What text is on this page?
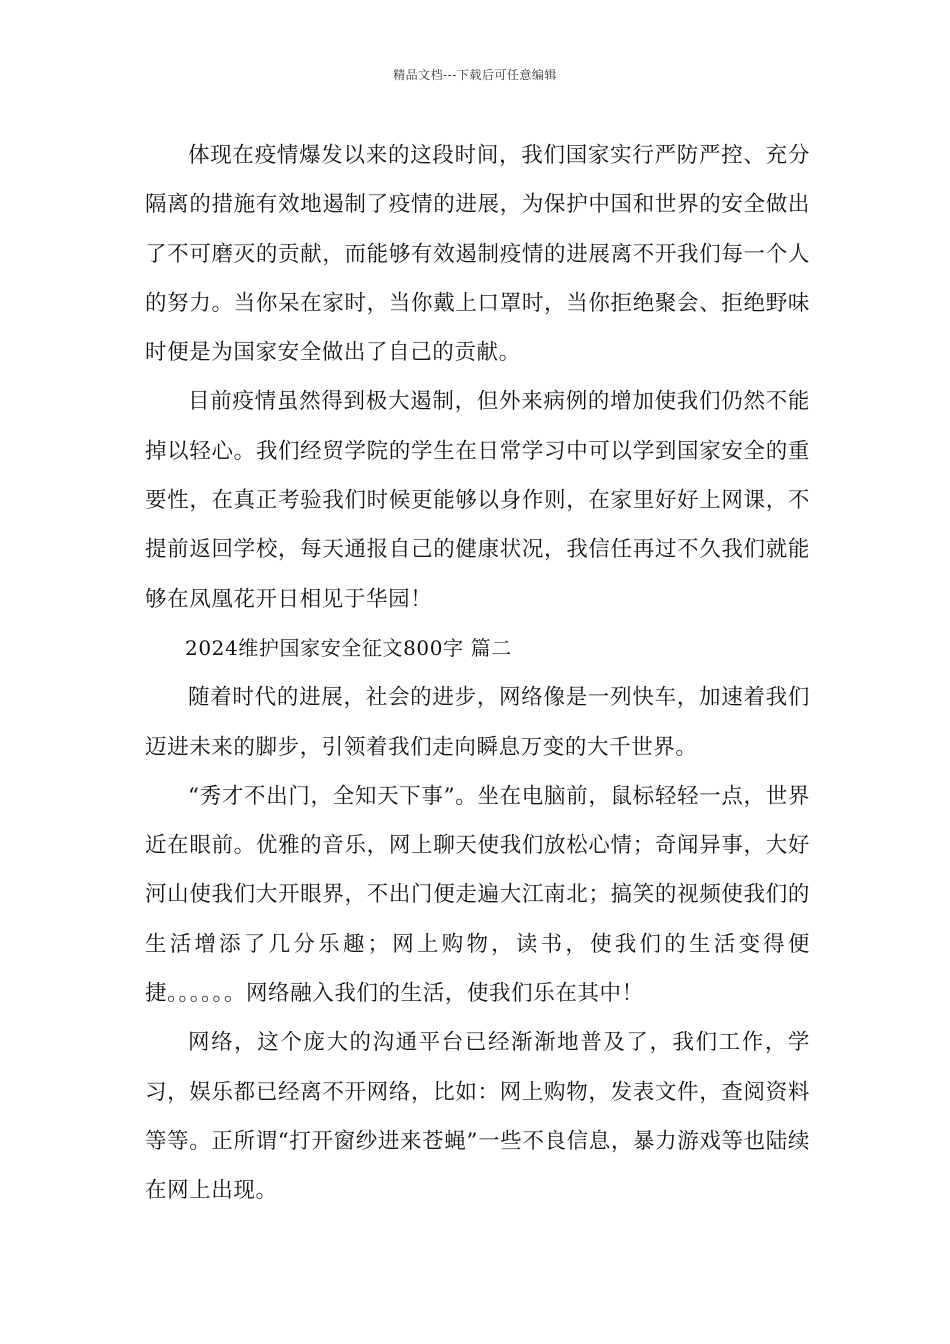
精品文档---下载后可任意编辑

体现在疫情爆发以来的这段时间，我们国家实行严防严控、充分隔离的措施有效地遏制了疫情的进展，为保护中国和世界的安全做出了不可磨灭的贡献，而能够有效遏制疫情的进展离不开我们每一个人的努力。当你呆在家时，当你戴上口罩时，当你拒绝聚会、拒绝野味时便是为国家安全做出了自己的贡献。

目前疫情虽然得到极大遏制，但外来病例的增加使我们仍然不能掉以轻心。我们经贸学院的学生在日常学习中可以学到国家安全的重要性，在真正考验我们时候更能够以身作则，在家里好好上网课，不提前返回学校，每天通报自己的健康状况，我信任再过不久我们就能够在凤凰花开日相见于华园！

2024维护国家安全征文800字 篇二

随着时代的进展，社会的进步，网络像是一列快车，加速着我们迈进未来的脚步，引领着我们走向瞬息万变的大千世界。

“秀才不出门，全知天下事”。坐在电脑前，鼠标轻轻一点，世界近在眼前。优雅的音乐，网上聊天使我们放松心情；奇闻异事，大好河山使我们大开眼界，不出门便走遍大江南北；搞笑的视频使我们的生活增添了几分乐趣；网上购物，读书，使我们的生活变得便捷。。。。。。网络融入我们的生活，使我们乐在其中！

网络，这个庞大的沟通平台已经渐渐地普及了，我们工作，学习，娱乐都已经离不开网络，比如：网上购物，发表文件，查阅资料等等。正所谓“打开窗纱进来苍蝇”一些不良信息，暴力游戏等也陆续在网上出现。
